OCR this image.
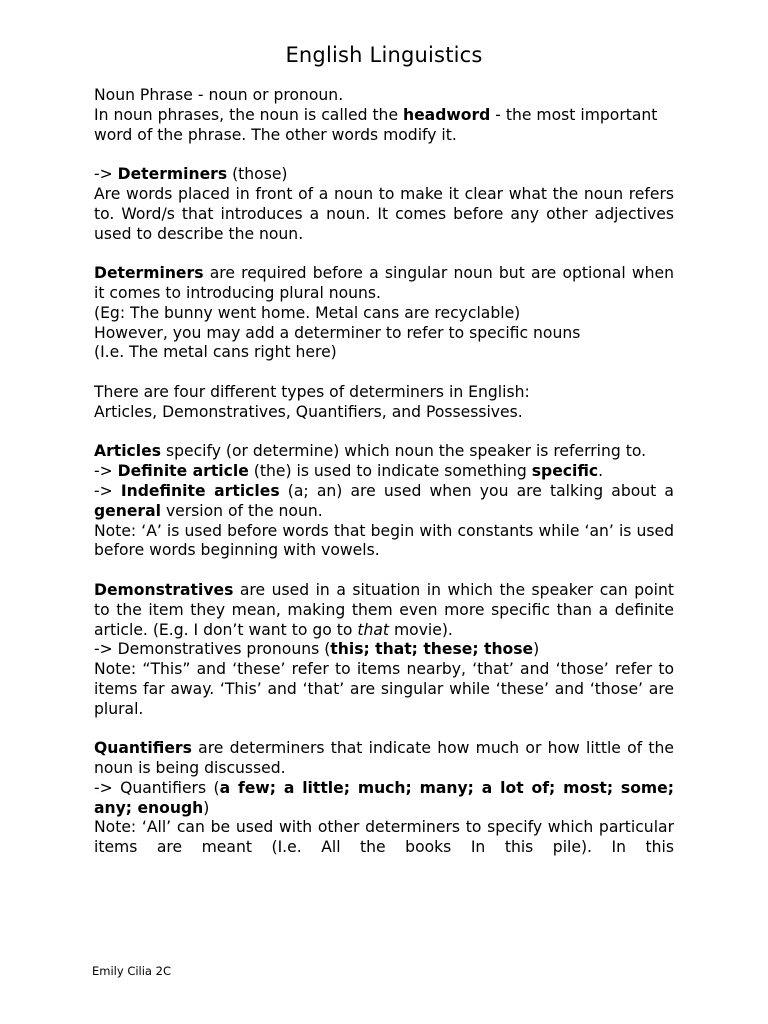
English Linguistics

Noun Phrase - noun or pronoun.

In noun phrases, the noun is called the headword - the most important word of the phrase. The other words modify it.

-> Determiners (those)

Are words placed in front of a noun to make it clear what the noun refers to. Word/s that introduces a noun. It comes before any other adjectives used to describe the noun.

Determiners are required before a singular noun but are optional when it comes to introducing plural nouns.

(Eg: The bunny went home. Metal cans are recyclable)

However, you may add a determiner to refer to specific nouns

(I.e. The metal cans right here)

There are four different types of determiners in English:

Articles, Demonstratives, Quantifiers, and Possessives.

Articles specify (or determine) which noun the speaker is referring to.

-> Definite article (the) is used to indicate something specific.

-> Indefinite articles (a; an) are used when you are talking about a general version of the noun.

Note: ‘A’ is used before words that begin with constants while ‘an’ is used before words beginning with vowels.

Demonstratives are used in a situation in which the speaker can point to the item they mean, making them even more specific than a definite article. (E.g. I don’t want to go to that movie).

-> Demonstratives pronouns (this; that; these; those)

Note: “This” and ‘these’ refer to items nearby, ‘that’ and ‘those’ refer to items far away. ‘This’ and ‘that’ are singular while ‘these’ and ‘those’ are plural.

Quantifiers are determiners that indicate how much or how little of the noun is being discussed.

-> Quantifiers (a few; a little; much; many; a lot of; most; some; any; enough)

Note: ‘All’ can be used with other determiners to specify which particular items are meant (I.e. All the books In this pile). In this

Emily Cilia 2C
